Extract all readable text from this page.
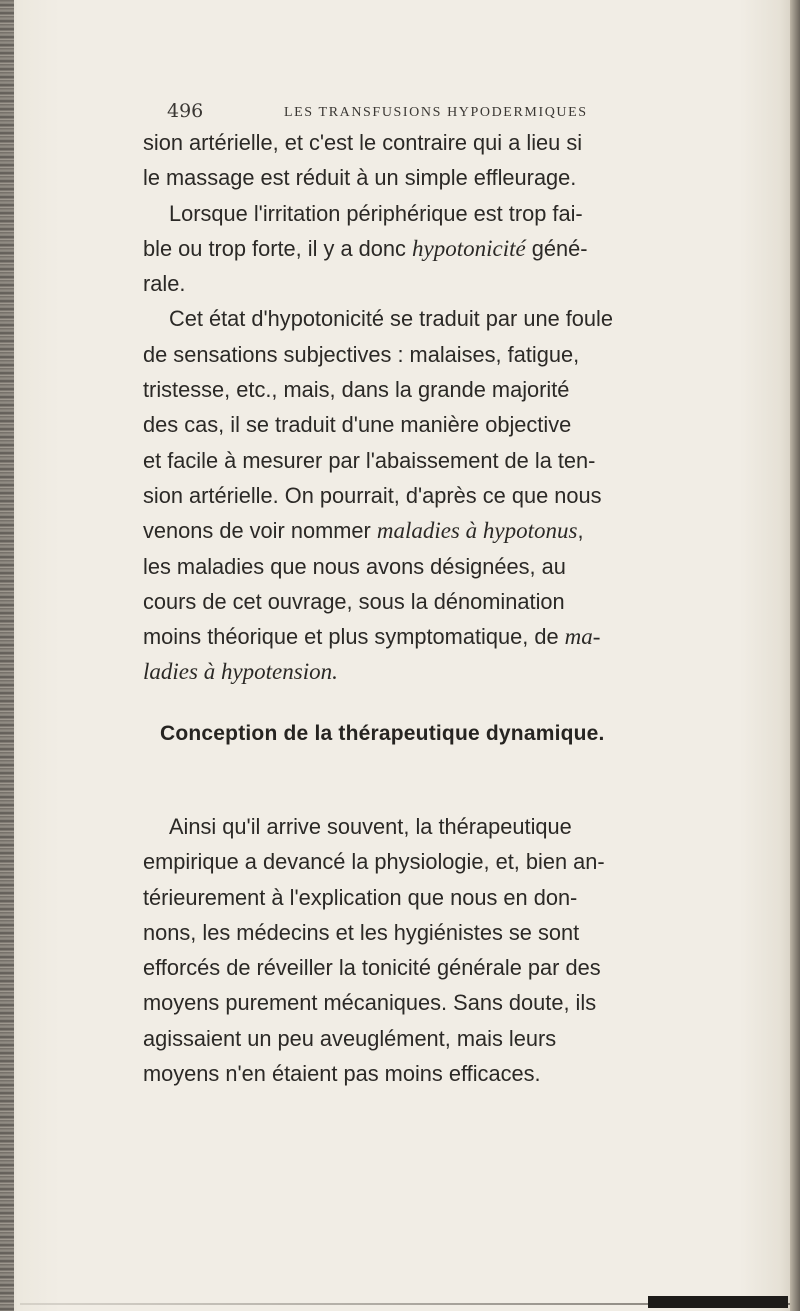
496	LES TRANSFUSIONS HYPODERMIQUES
sion artérielle, et c'est le contraire qui a lieu si
le massage est réduit à un simple effleurage.
Lorsque l'irritation périphérique est trop fai-
ble ou trop forte, il y a donc
hypotonicité
géné-
rale.
Cet état d'hypotonicité se traduit par une foule
de sensations subjectives : malaises, fatigue,
tristesse, etc., mais, dans la grande majorité
des cas, il se traduit d'une manière objective
et facile à mesurer par l'abaissement de la ten-
sion artérielle. On pourrait, d'après ce que nous
venons de voir nommer
maladies à hypotonus ,
les maladies que nous avons désignées, au
cours de cet ouvrage, sous la dénomination
moins théorique et plus symptomatique, de
ma-
ladies à hypotension.
Conception de la thérapeutique dynamique.
Ainsi qu'il arrive souvent, la thérapeutique
empirique a devancé la physiologie, et, bien an-
térieurement à l'explication que nous en don-
nons, les médecins et les hygiénistes se sont
efforcés de réveiller la tonicité générale par des
moyens purement mécaniques. Sans doute, ils
agissaient un peu aveuglément, mais leurs
moyens n'en étaient pas moins efficaces.
